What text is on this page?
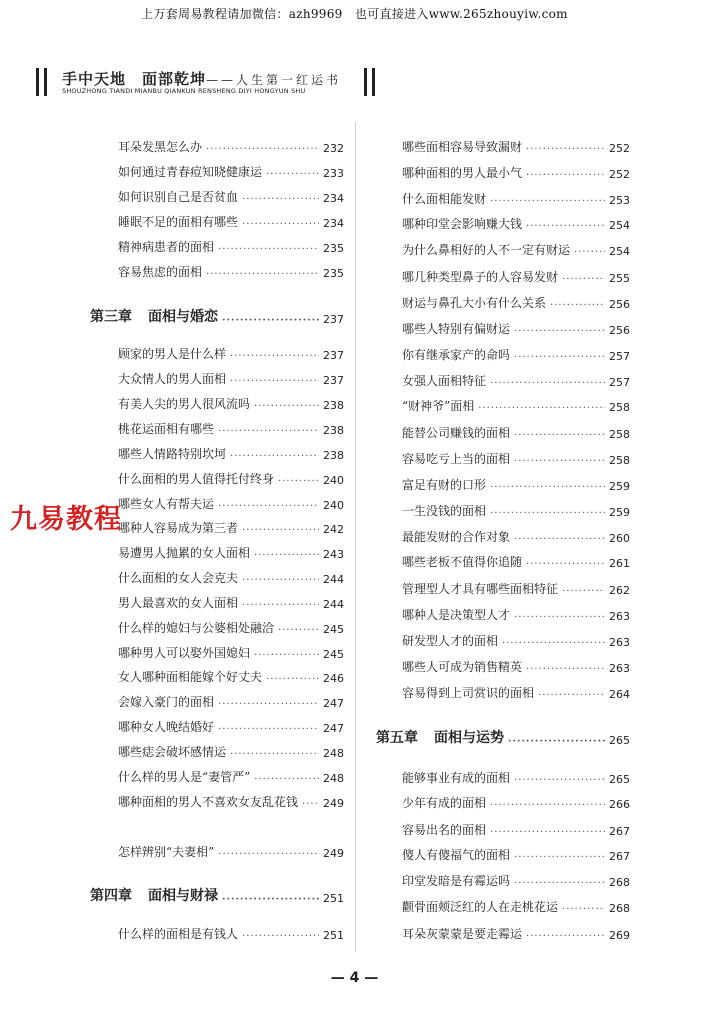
上万套周易教程请加微信：azh9969　也可直接进入www.265zhouyiw.com
手中天地　面部乾坤——人生第一红运书
SHOUZHONG TIANDI MIANBU QIANKUN RENSHENG DIYI HONGYUN SHU
耳朵发黑怎么办 ·····	232
如何通过青春痘知晓健康运 ·····	233
如何识别自己是否贫血 ·····	234
睡眠不足的面相有哪些 ·····	234
精神病患者的面相 ·····	235
容易焦虑的面相 ·····	235
第三章 面相与婚恋 ·····	237
顾家的男人是什么样 ·····	237
大众情人的男人面相 ·····	237
有美人尖的男人很风流吗 ·····	238
桃花运面相有哪些 ·····	238
哪些人情路特别坎坷 ·····	238
什么面相的男人值得托付终身 ·····	240
哪些女人有帮夫运 ·····	240
哪种人容易成为第三者 ·····	242
易遭男人抛累的女人面相 ·····	243
什么面相的女人会克夫 ·····	244
男人最喜欢的女人面相 ·····	244
什么样的媳妇与公婆相处融洽 ·····	245
哪种男人可以娶外国媳妇 ·····	245
女人哪种面相能嫁个好丈夫 ·····	246
会嫁入豪门的面相 ·····	247
哪种女人晚结婚好 ·····	247
哪些痣会破坏感情运 ·····	248
什么样的男人是“妻管严” ·····	248
哪种面相的男人不喜欢女友乱花钱 ····· 249
怎样辨别“夫妻相” ·····	249
第四章 面相与财禄 ·····	251
什么样的面相是有钱人 ·····	251
哪些面相容易导致漏财 ·····	252
哪种面相的男人最小气 ·····	252
什么面相能发财 ·····	253
哪种印堂会影响赚大钱 ·····	254
为什么鼻相好的人不一定有财运 ·····	254
哪几种类型鼻子的人容易发财 ·····	255
财运与鼻孔大小有什么关系 ·····	256
哪些人特别有偏财运 ·····	256
你有继承家产的命吗 ·····	257
女强人面相特征 ·····	257
“财神爷”面相 ·····	258
能替公司赚钱的面相 ·····	258
容易吃亏上当的面相 ·····	258
富足有财的口形 ·····	259
一生没钱的面相 ·····	259
最能发财的合作对象 ·····	260
哪些老板不值得你追随 ·····	261
管理型人才具有哪些面相特征 ·····	262
哪种人是决策型人才 ·····	263
研发型人才的面相 ·····	263
哪些人可成为销售精英 ·····	263
容易得到上司赏识的面相 ·····	264
第五章 面相与运势 ·····	265
能够事业有成的面相 ·····	265
少年有成的面相 ·····	266
容易出名的面相 ·····	267
傻人有傻福气的面相 ·····	267
印堂发暗是有霉运吗 ·····	268
颧骨面颊泛红的人在走桃花运 ·····	268
耳朵灰蒙蒙是要走霉运 ·····	269
九易教程
— 4 —
